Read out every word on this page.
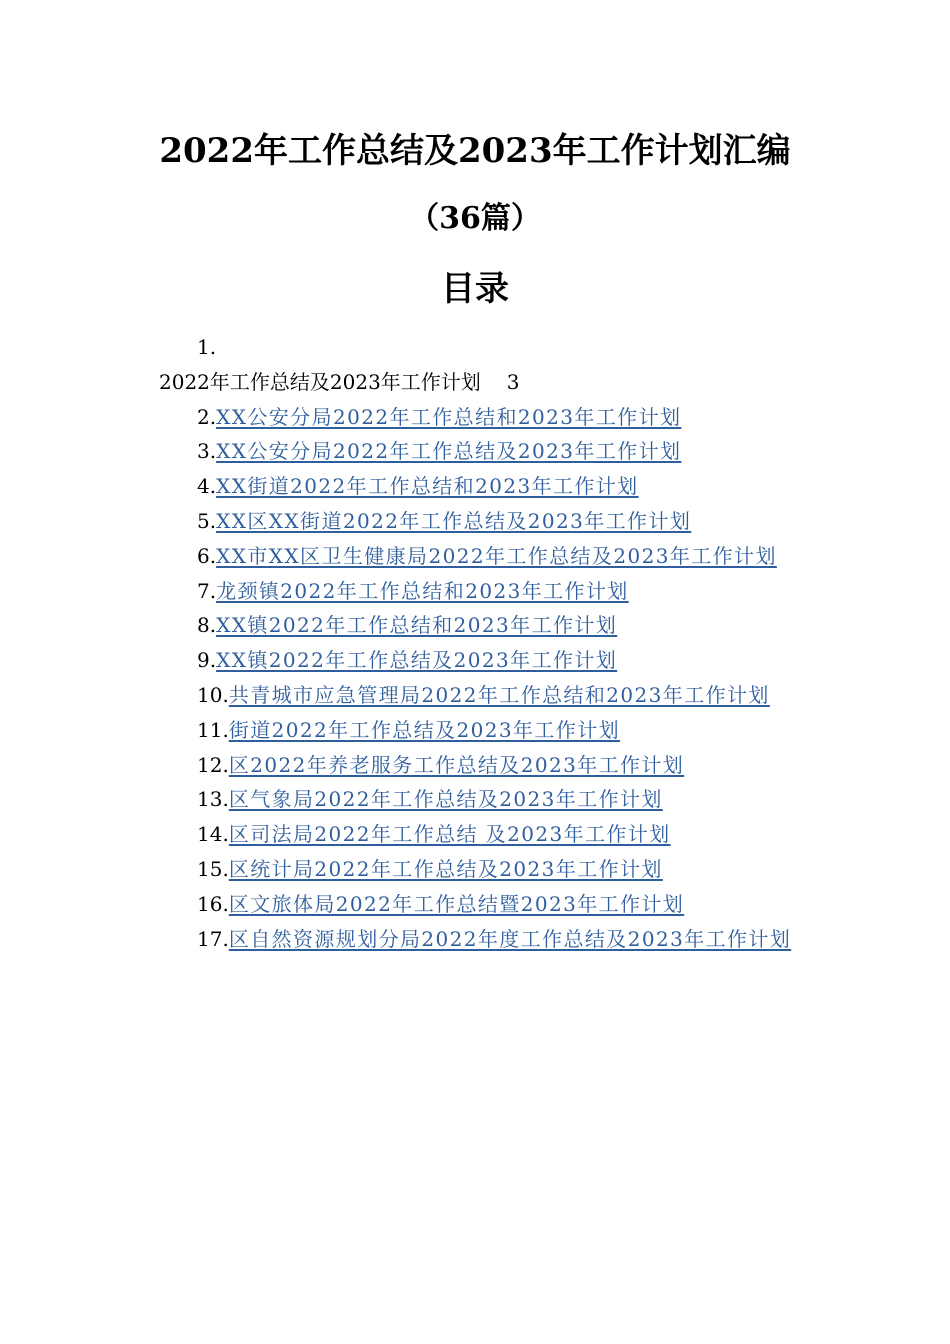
2022年工作总结及2023年工作计划汇编
（36篇）
目录
1.
2022年工作总结及2023年工作计划 3
2.XX公安分局2022年工作总结和2023年工作计划
3.XX公安分局2022年工作总结及2023年工作计划
4.XX街道2022年工作总结和2023年工作计划
5.XX区XX街道2022年工作总结及2023年工作计划
6.XX市XX区卫生健康局2022年工作总结及2023年工作计划
7.龙颈镇2022年工作总结和2023年工作计划
8.XX镇2022年工作总结和2023年工作计划
9.XX镇2022年工作总结及2023年工作计划
10.共青城市应急管理局2022年工作总结和2023年工作计划
11.街道2022年工作总结及2023年工作计划
12.区2022年养老服务工作总结及2023年工作计划
13.区气象局2022年工作总结及2023年工作计划
14.区司法局2022年工作总结 及2023年工作计划
15.区统计局2022年工作总结及2023年工作计划
16.区文旅体局2022年工作总结暨2023年工作计划
17.区自然资源规划分局2022年度工作总结及2023年工作计划
